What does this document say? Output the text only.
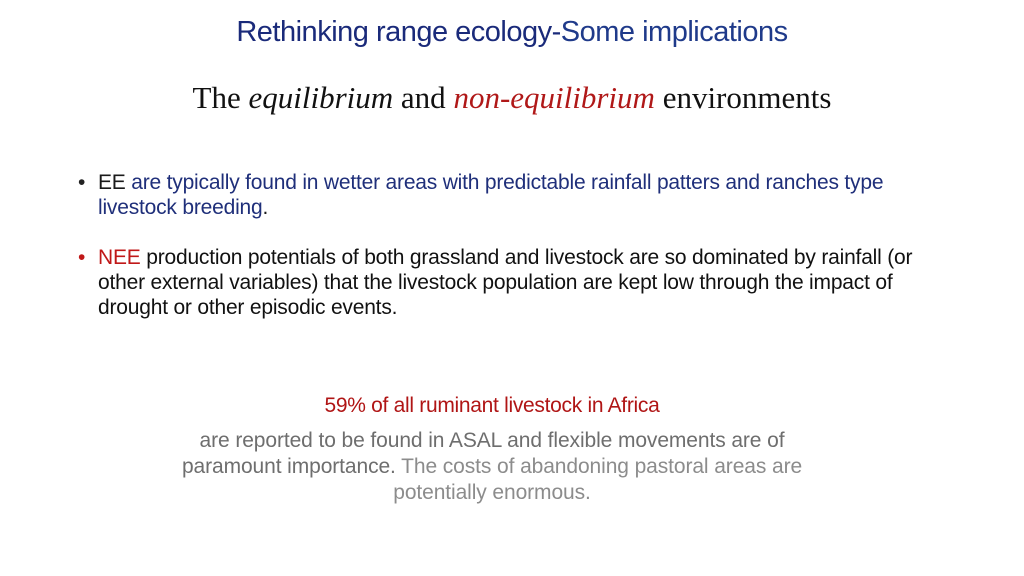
Rethinking range ecology-Some implications
The equilibrium and non-equilibrium environments
• EE are typically found in wetter areas with predictable rainfall patters and ranches type livestock breeding.
• NEE production potentials of both grassland and livestock are so dominated by rainfall (or other external variables) that the livestock population are kept low through the impact of drought or other episodic events.
59% of all ruminant livestock in Africa
are reported to be found in ASAL and flexible movements are of paramount importance. The costs of abandoning pastoral areas are potentially enormous.
